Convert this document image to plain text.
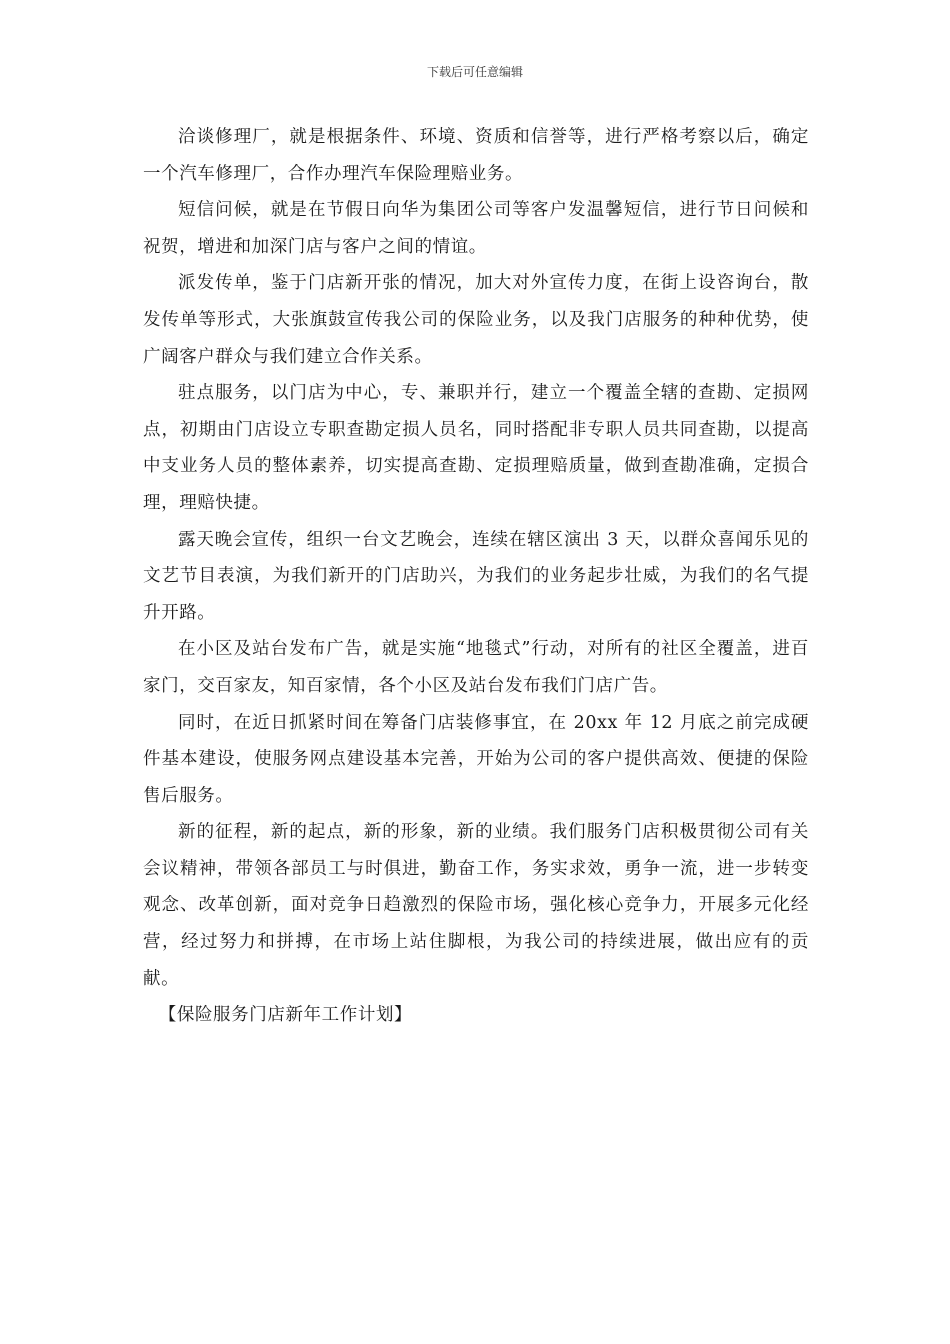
下载后可任意编辑

洽谈修理厂，就是根据条件、环境、资质和信誉等，进行严格考察以后，确定一个汽车修理厂，合作办理汽车保险理赔业务。

短信问候，就是在节假日向华为集团公司等客户发温馨短信，进行节日问候和祝贺，增进和加深门店与客户之间的情谊。

派发传单，鉴于门店新开张的情况，加大对外宣传力度，在街上设咨询台，散发传单等形式，大张旗鼓宣传我公司的保险业务，以及我门店服务的种种优势，使广阔客户群众与我们建立合作关系。

驻点服务，以门店为中心，专、兼职并行，建立一个覆盖全辖的查勘、定损网点，初期由门店设立专职查勘定损人员名，同时搭配非专职人员共同查勘，以提高中支业务人员的整体素养，切实提高查勘、定损理赔质量，做到查勘准确，定损合理，理赔快捷。

露天晚会宣传，组织一台文艺晚会，连续在辖区演出 3 天，以群众喜闻乐见的文艺节目表演，为我们新开的门店助兴，为我们的业务起步壮威，为我们的名气提升开路。

在小区及站台发布广告，就是实施“地毯式”行动，对所有的社区全覆盖，进百家门，交百家友，知百家情，各个小区及站台发布我们门店广告。

同时，在近日抓紧时间在筹备门店装修事宜，在 20xx 年 12 月底之前完成硬件基本建设，使服务网点建设基本完善，开始为公司的客户提供高效、便捷的保险售后服务。

新的征程，新的起点，新的形象，新的业绩。我们服务门店积极贯彻公司有关会议精神，带领各部员工与时俱进，勤奋工作，务实求效，勇争一流，进一步转变观念、改革创新，面对竞争日趋激烈的保险市场，强化核心竞争力，开展多元化经营，经过努力和拼搏，在市场上站住脚根，为我公司的持续进展，做出应有的贡献。

【保险服务门店新年工作计划】
